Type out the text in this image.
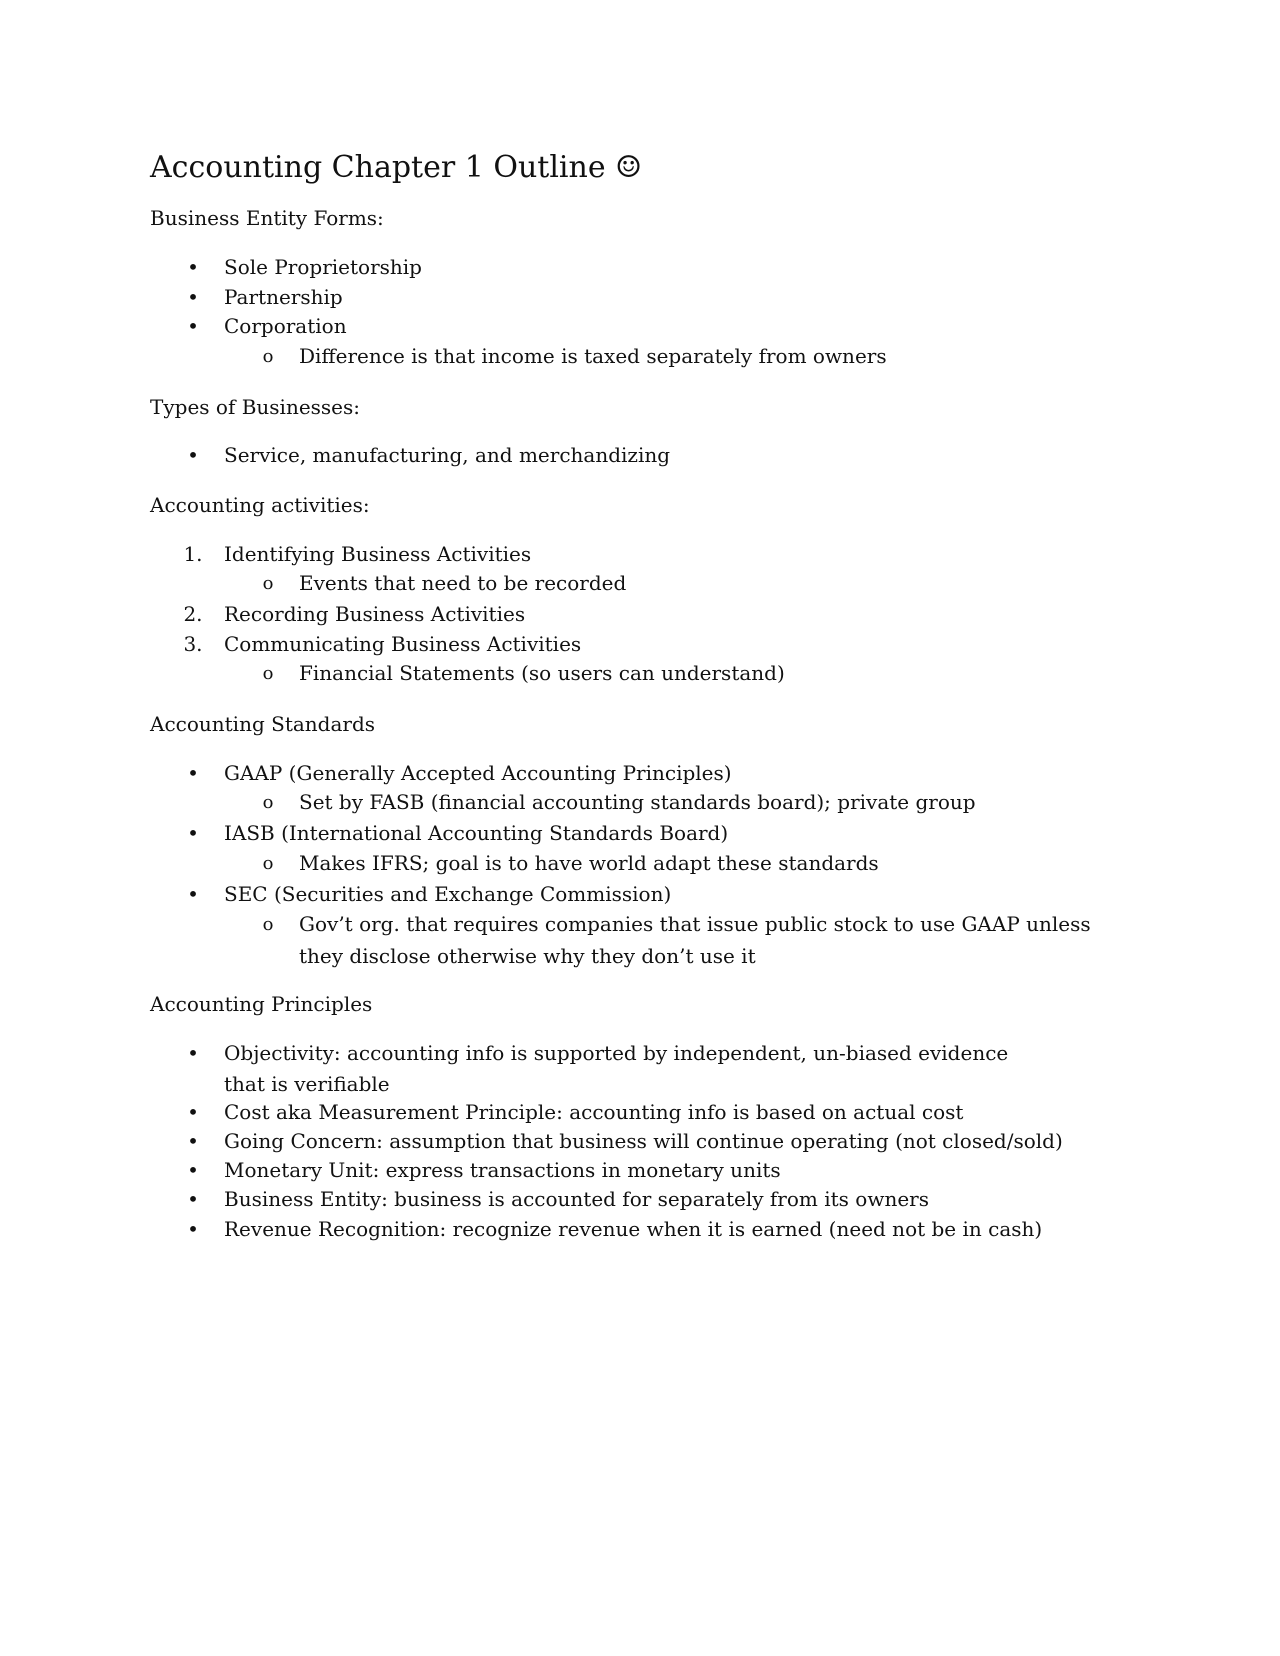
Accounting Chapter 1 Outline ☺
Business Entity Forms:
•	Sole Proprietorship
•	Partnership
•	Corporation
o	Difference is that income is taxed separately from owners
Types of Businesses:
•	Service, manufacturing, and merchandizing
Accounting activities:
1. Identifying Business Activities
o	Events that need to be recorded
2. Recording Business Activities
3. Communicating Business Activities
o	Financial Statements (so users can understand)
Accounting Standards
•	GAAP (Generally Accepted Accounting Principles)
o	Set by FASB (financial accounting standards board); private group
•	IASB (International Accounting Standards Board)
o	Makes IFRS; goal is to have world adapt these standards
•	SEC (Securities and Exchange Commission)
o	Gov’t org. that requires companies that issue public stock to use GAAP unless they disclose otherwise why they don’t use it
Accounting Principles
•	Objectivity: accounting info is supported by independent, un-biased evidence that is verifiable
•	Cost aka Measurement Principle: accounting info is based on actual cost
•	Going Concern: assumption that business will continue operating (not closed/sold)
•	Monetary Unit: express transactions in monetary units
•	Business Entity: business is accounted for separately from its owners
•	Revenue Recognition: recognize revenue when it is earned (need not be in cash)
